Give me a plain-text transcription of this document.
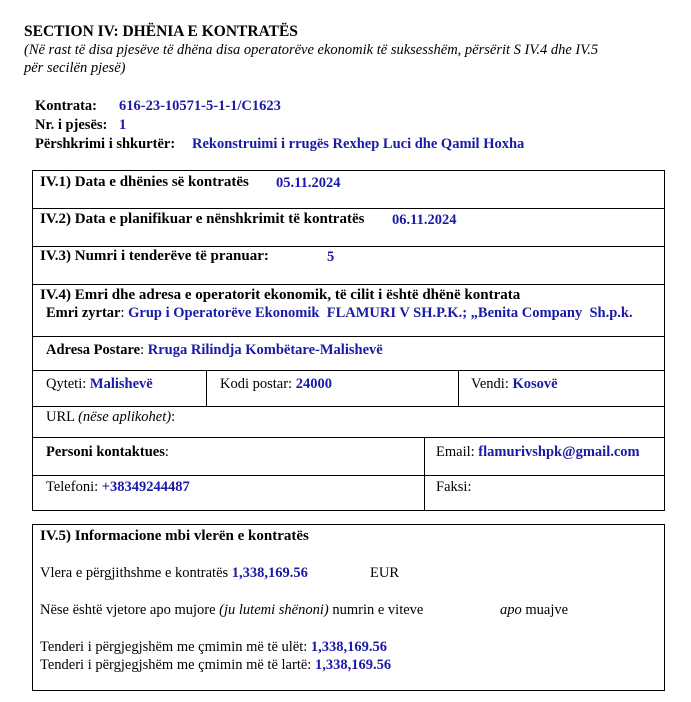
SECTION IV: DHËNIA E KONTRATËS
(Në rast të disa pjesëve të dhëna disa operatorëve ekonomik të suksesshëm, përsërit S IV.4 dhe IV.5
për secilën pjesë)
Kontrata: 616-23-10571-5-1-1/C1623
Nr. i pjesës: 1
Përshkrimi i shkurtër: Rekonstruimi i rrugës Rexhep Luci dhe Qamil Hoxha
IV.1) Data e dhënies së kontratës 05.11.2024
IV.2) Data e planifikuar e nënshkrimit të kontratës 06.11.2024
IV.3) Numri i tenderëve të pranuar:	5
IV.4) Emri dhe adresa e operatorit ekonomik, të cilit i është dhënë kontrata
Emri zyrtar: Grup i Operatorëve Ekonomik  FLAMURI V SH.P.K.; „Benita Company  Sh.p.k.
Adresa Postare: Rruga Rilindja Kombëtare-Malishevë
Qyteti: Malishevë	Kodi postar: 24000	Vendi: Kosovë
URL (nëse aplikohet):
Personi kontaktues:	Email: flamurivshpk@gmail.com
Telefoni: +38349244487	Faksi:
IV.5) Informacione mbi vlerën e kontratës
Vlera e përgjithshme e kontratës 1,338,169.56	EUR
Nëse është vjetore apo mujore (ju lutemi shënoni) numrin e viteve	apo muajve
Tenderi i përgjegjshëm me çmimin më të ulët: 1,338,169.56
Tenderi i përgjegjshëm me çmimin më të lartë: 1,338,169.56
